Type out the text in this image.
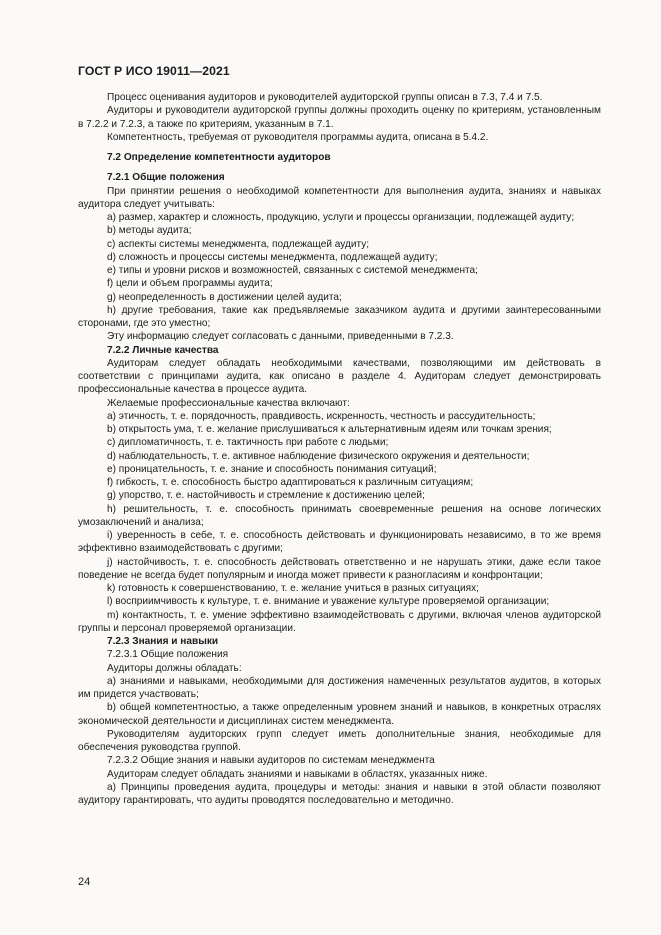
ГОСТ Р ИСО 19011—2021

Процесс оценивания аудиторов и руководителей аудиторской группы описан в 7.3, 7.4 и 7.5.

Аудиторы и руководители аудиторской группы должны проходить оценку по критериям, установленным в 7.2.2 и 7.2.3, а также по критериям, указанным в 7.1.

Компетентность, требуемая от руководителя программы аудита, описана в 5.4.2.

7.2 Определение компетентности аудиторов

7.2.1 Общие положения

При принятии решения о необходимой компетентности для выполнения аудита, знаниях и навыках аудитора следует учитывать:

a) размер, характер и сложность, продукцию, услуги и процессы организации, подлежащей аудиту;

b) методы аудита;

c) аспекты системы менеджмента, подлежащей аудиту;

d) сложность и процессы системы менеджмента, подлежащей аудиту;

e) типы и уровни рисков и возможностей, связанных с системой менеджмента;

f) цели и объем программы аудита;

g) неопределенность в достижении целей аудита;

h) другие требования, такие как предъявляемые заказчиком аудита и другими заинтересованными сторонами, где это уместно;

Эту информацию следует согласовать с данными, приведенными в 7.2.3.

7.2.2 Личные качества

Аудиторам следует обладать необходимыми качествами, позволяющими им действовать в соответствии с принципами аудита, как описано в разделе 4. Аудиторам следует демонстрировать профессиональные качества в процессе аудита.

Желаемые профессиональные качества включают:

a) этичность, т. е. порядочность, правдивость, искренность, честность и рассудительность;

b) открытость ума, т. е. желание прислушиваться к альтернативным идеям или точкам зрения;

c) дипломатичность, т. е. тактичность при работе с людьми;

d) наблюдательность, т. е. активное наблюдение физического окружения и деятельности;

e) проницательность, т. е. знание и способность понимания ситуаций;

f) гибкость, т. е. способность быстро адаптироваться к различным ситуациям;

g) упорство, т. е. настойчивость и стремление к достижению целей;

h) решительность, т. е. способность принимать своевременные решения на основе логических умозаключений и анализа;

i) уверенность в себе, т. е. способность действовать и функционировать независимо, в то же время эффективно взаимодействовать с другими;

j) настойчивость, т. е. способность действовать ответственно и не нарушать этики, даже если такое поведение не всегда будет популярным и иногда может привести к разногласиям и конфронтации;

k) готовность к совершенствованию, т. е. желание учиться в разных ситуациях;

l) восприимчивость к культуре, т. е. внимание и уважение культуре проверяемой организации;

m) контактность, т. е. умение эффективно взаимодействовать с другими, включая членов аудиторской группы и персонал проверяемой организации.

7.2.3 Знания и навыки

7.2.3.1 Общие положения

Аудиторы должны обладать:

a) знаниями и навыками, необходимыми для достижения намеченных результатов аудитов, в которых им придется участвовать;

b) общей компетентностью, а также определенным уровнем знаний и навыков, в конкретных отраслях экономической деятельности и дисциплинах систем менеджмента.

Руководителям аудиторских групп следует иметь дополнительные знания, необходимые для обеспечения руководства группой.

7.2.3.2 Общие знания и навыки аудиторов по системам менеджмента

Аудиторам следует обладать знаниями и навыками в областях, указанных ниже.

a) Принципы проведения аудита, процедуры и методы: знания и навыки в этой области позволяют аудитору гарантировать, что аудиты проводятся последовательно и методично.

24
